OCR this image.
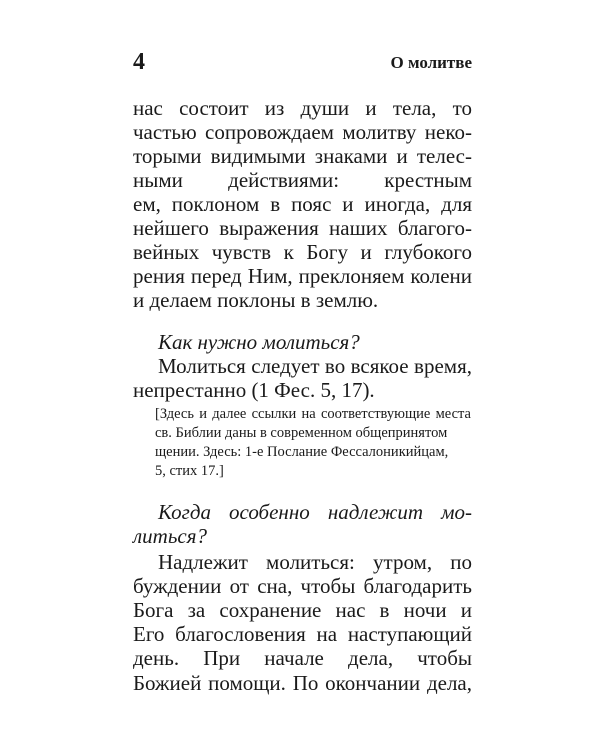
4	О молитве
нас состоит из души и тела, то
частью сопровождаем молитву неко-
торыми видимыми знаками и телес-
ными действиями: крестным
ем, поклоном в пояс и иногда, для
нейшего выражения наших благого-
вейных чувств к Богу и глубокого
рения перед Ним, преклоняем колени
и делаем поклоны в землю.
Как нужно молиться?
Молиться следует во всякое время,
непрестанно (1 Фес. 5, 17).
[Здесь и далее ссылки на соответствующие места
св. Библии даны в современном общепринятом
щении. Здесь: 1-е Послание Фессалоникийцам,
5, стих 17.]
Когда особенно надлежит мо-
литься?
Надлежит молиться: утром, по
буждении от сна, чтобы благодарить
Бога за сохранение нас в ночи и
Его благословения на наступающий
день. При начале дела, чтобы
Божией помощи. По окончании дела,
